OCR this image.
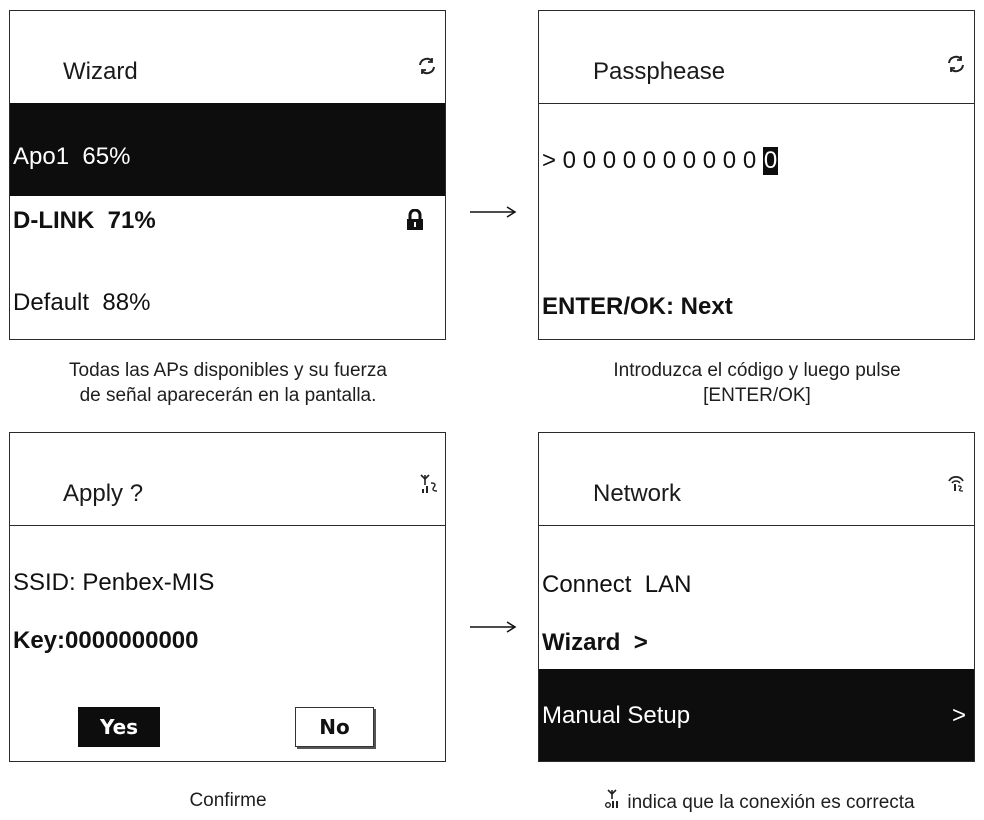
Wizard
Apo1  65%
D-LINK  71%
Default  88%
Todas las APs disponibles y su fuerza
de señal aparecerán en la pantalla.
Passphease
> 0 0 0 0 0 0 0 0 0 0 0
ENTER/OK: Next
Introduzca el código y luego pulse
[ENTER/OK]
Apply ?
SSID: Penbex-MIS
Key:0000000000
Yes	No
Confirme
Network
Connect  LAN
Wizard  >
Manual Setup	>
indica que la conexión es correcta
